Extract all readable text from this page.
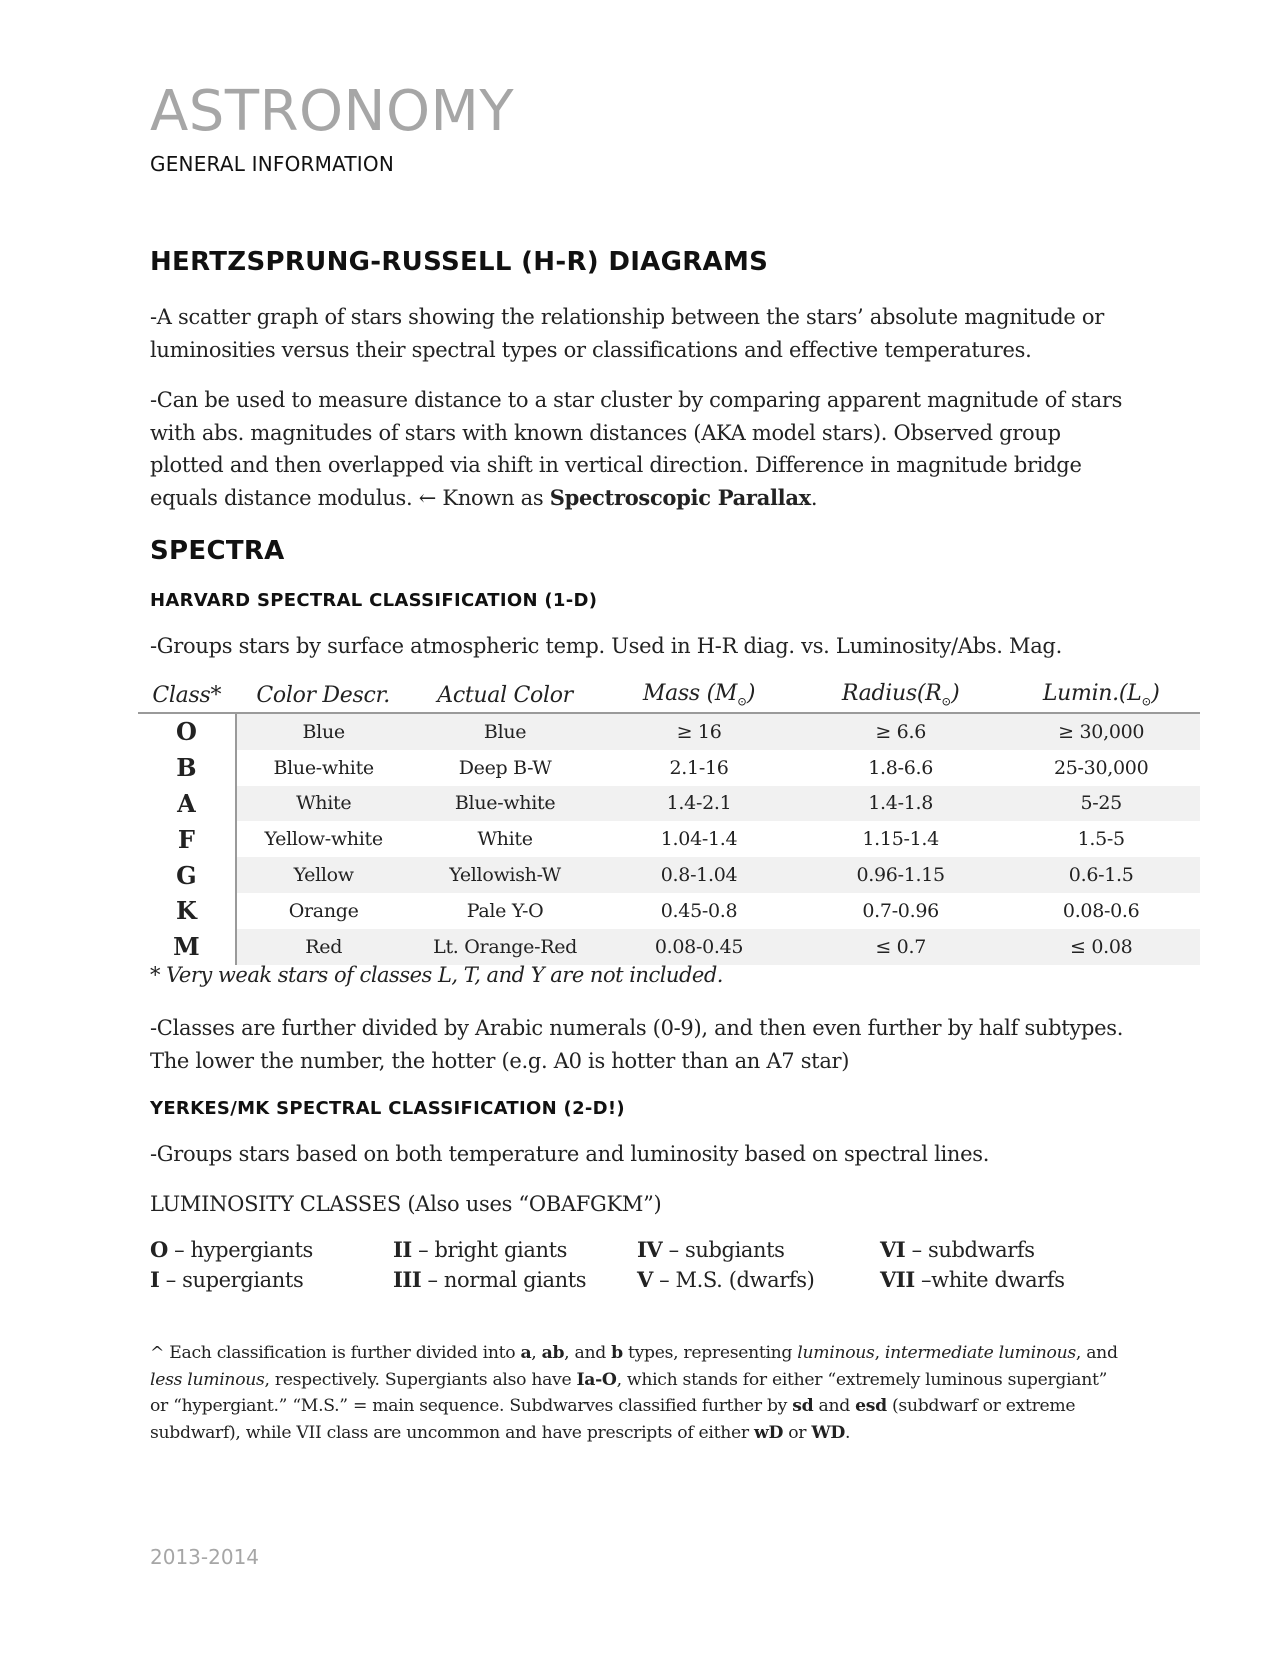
ASTRONOMY
GENERAL INFORMATION
HERTZSPRUNG-RUSSELL (H-R) DIAGRAMS

-A scatter graph of stars showing the relationship between the stars’ absolute magnitude or luminosities versus their spectral types or classifications and effective temperatures.

-Can be used to measure distance to a star cluster by comparing apparent magnitude of stars with abs. magnitudes of stars with known distances (AKA model stars). Observed group plotted and then overlapped via shift in vertical direction. Difference in magnitude bridge equals distance modulus. ← Known as Spectroscopic Parallax.

SPECTRA
HARVARD SPECTRAL CLASSIFICATION (1-D)

-Groups stars by surface atmospheric temp. Used in H-R diag. vs. Luminosity/Abs. Mag.

Class*	Color Descr.	Actual Color	Mass $(M_⊙)$	$Radius(R_⊙)$	$Lumin.(L_⊙)$	
O	Blue	Blue	≥ 16	≥ 6.6	≥ 30,000	
B	Blue-white	Deep B-W	2.1-16	1.8-6.6	25-30,000	
A	White	Blue-white	1.4-2.1	1.4-1.8	5-25	
F	Yellow-white	White	1.04-1.4	1.15-1.4	1.5-5	
G	Yellow	Yellowish-W	0.8-1.04	0.96-1.15	0.6-1.5	
K	Orange	Pale Y-O	0.45-0.8	0.7-0.96	0.08-0.6	
M	Red	Lt. Orange-Red	0.08-0.45	≤ 0.7	≤ 0.08	

* Very weak stars of classes L, T, and Y are not included.

-Classes are further divided by Arabic numerals (0-9), and then even further by half subtypes. The lower the number, the hotter (e.g. A0 is hotter than an A7 star)

YERKES/MK SPECTRAL CLASSIFICATION (2-D!)

-Groups stars based on both temperature and luminosity based on spectral lines.

LUMINOSITY CLASSES (Also uses “OBAFGKM”)

O – hypergiants	II – bright giants	IV – subgiants	VI – subdwarfs
I – supergiants	III – normal giants	V – M.S. (dwarfs)	VII –white dwarfs

^ Each classification is further divided into a, ab, and b types, representing luminous, intermediate luminous, and less luminous, respectively. Supergiants also have Ia-O, which stands for either “extremely luminous supergiant” or “hypergiant.” “M.S.” = main sequence. Subdwarves classified further by sd and esd (subdwarf or extreme subdwarf), while VII class are uncommon and have prescripts of either wD or WD.

2013-2014
